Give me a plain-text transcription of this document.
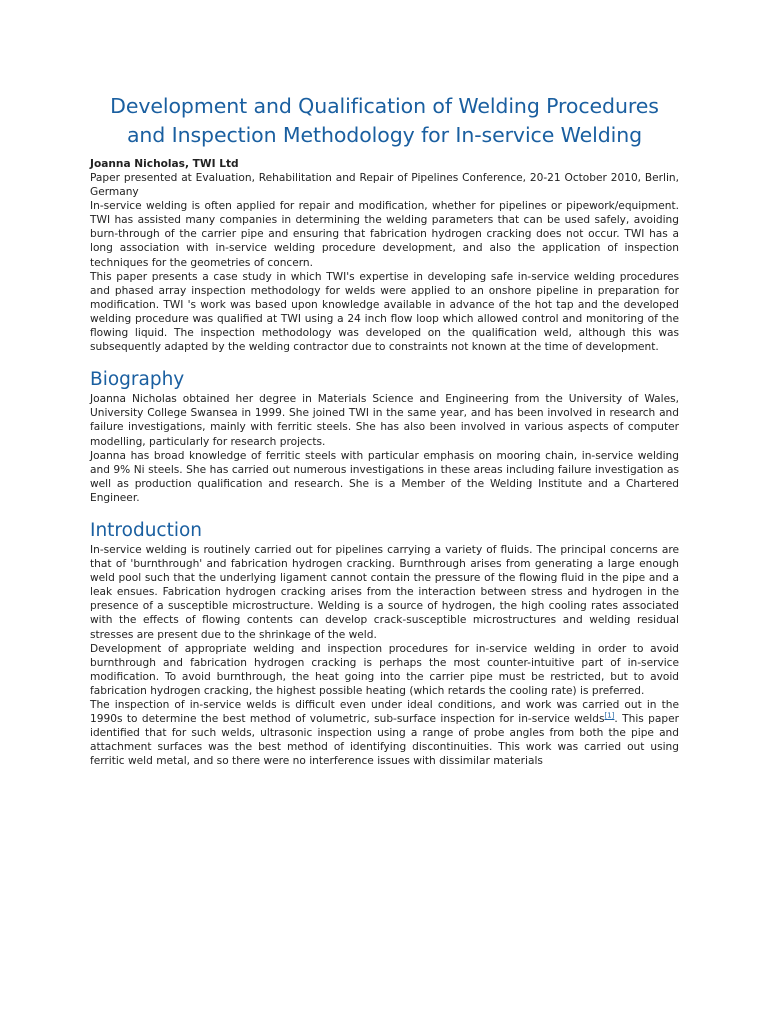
Development and Qualification of Welding Procedures and Inspection Methodology for In-service Welding
Joanna Nicholas, TWI Ltd

Paper presented at Evaluation, Rehabilitation and Repair of Pipelines Conference, 20-21 October 2010, Berlin, Germany

In-service welding is often applied for repair and modification, whether for pipelines or pipework/equipment. TWI has assisted many companies in determining the welding parameters that can be used safely, avoiding burn-through of the carrier pipe and ensuring that fabrication hydrogen cracking does not occur. TWI has a long association with in-service welding procedure development, and also the application of inspection techniques for the geometries of concern.

This paper presents a case study in which TWI's expertise in developing safe in-service welding procedures and phased array inspection methodology for welds were applied to an onshore pipeline in preparation for modification. TWI 's work was based upon knowledge available in advance of the hot tap and the developed welding procedure was qualified at TWI using a 24 inch flow loop which allowed control and monitoring of the flowing liquid. The inspection methodology was developed on the qualification weld, although this was subsequently adapted by the welding contractor due to constraints not known at the time of development.

Biography

Joanna Nicholas obtained her degree in Materials Science and Engineering from the University of Wales, University College Swansea in 1999. She joined TWI in the same year, and has been involved in research and failure investigations, mainly with ferritic steels. She has also been involved in various aspects of computer modelling, particularly for research projects.

Joanna has broad knowledge of ferritic steels with particular emphasis on mooring chain, in-service welding and 9% Ni steels. She has carried out numerous investigations in these areas including failure investigation as well as production qualification and research. She is a Member of the Welding Institute and a Chartered Engineer.

Introduction

In-service welding is routinely carried out for pipelines carrying a variety of fluids. The principal concerns are that of 'burnthrough' and fabrication hydrogen cracking. Burnthrough arises from generating a large enough weld pool such that the underlying ligament cannot contain the pressure of the flowing fluid in the pipe and a leak ensues. Fabrication hydrogen cracking arises from the interaction between stress and hydrogen in the presence of a susceptible microstructure. Welding is a source of hydrogen, the high cooling rates associated with the effects of flowing contents can develop crack-susceptible microstructures and welding residual stresses are present due to the shrinkage of the weld.

Development of appropriate welding and inspection procedures for in-service welding in order to avoid burnthrough and fabrication hydrogen cracking is perhaps the most counter-intuitive part of in-service modification. To avoid burnthrough, the heat going into the carrier pipe must be restricted, but to avoid fabrication hydrogen cracking, the highest possible heating (which retards the cooling rate) is preferred.

The inspection of in-service welds is difficult even under ideal conditions, and work was carried out in the 1990s to determine the best method of volumetric, sub-surface inspection for in-service welds[1]. This paper identified that for such welds, ultrasonic inspection using a range of probe angles from both the pipe and attachment surfaces was the best method of identifying discontinuities. This work was carried out using ferritic weld metal, and so there were no interference issues with dissimilar materials
